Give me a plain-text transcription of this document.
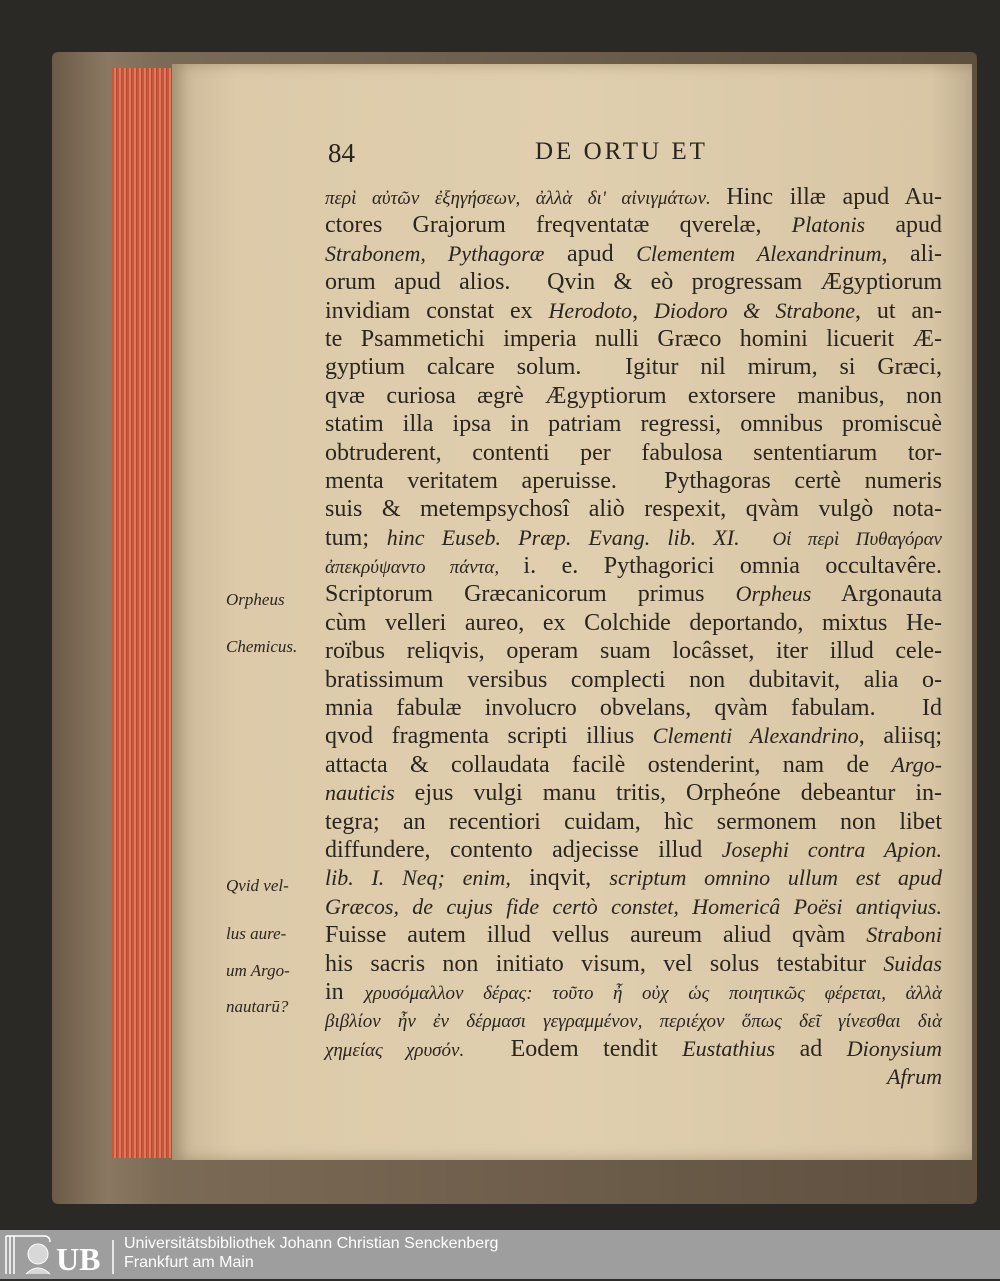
84	DE ORTU ET
περὶ αὐτῶν ἐξηγήσεων, ἀλλὰ δι' αἰνιγμάτων. Hinc illæ apud Au-
ctores Grajorum freqventatæ qverelæ, Platonis apud
Strabonem, Pythagoræ apud Clementem Alexandrinum, ali-
orum apud alios.  Qvin & eò progressam Ægyptiorum
invidiam constat ex Herodoto, Diodoro & Strabone, ut an-
te Psammetichi imperia nulli Græco homini licuerit Æ-
gyptium calcare solum.  Igitur nil mirum, si Græci,
qvæ curiosa ægrè Ægyptiorum extorsere manibus, non
statim illa ipsa in patriam regressi, omnibus promiscuè
obtruderent, contenti per fabulosa sententiarum tor-
menta veritatem aperuisse.  Pythagoras certè numeris
suis & metempsychosî aliò respexit, qvàm vulgò nota-
tum; hinc Euseb. Præp. Evang. lib. XI.  Οἱ περὶ Πυθαγόραν
ἀπεκρύψαντο πάντα, i. e. Pythagorici omnia occultavêre.
Scriptorum Græcanicorum primus Orpheus Argonauta
cùm velleri aureo, ex Colchide deportando, mixtus He-
roïbus reliqvis, operam suam locâsset, iter illud cele-
bratissimum versibus complecti non dubitavit, alia o-
mnia fabulæ involucro obvelans, qvàm fabulam.  Id
qvod fragmenta scripti illius Clementi Alexandrino, aliisq;
attacta & collaudata facilè ostenderint, nam de Argo-
nauticis ejus vulgi manu tritis, Orpheóne debeantur in-
tegra; an recentiori cuidam, hìc sermonem non libet
diffundere, contento adjecisse illud Josephi contra Apion.
lib. I. Neq; enim, inqvit, scriptum omnino ullum est apud
Græcos, de cujus fide certò constet, Homericâ Poësi antiqvius.
Fuisse autem illud vellus aureum aliud qvàm Straboni
his sacris non initiato visum, vel solus testabitur Suidas
in χρυσόμαλλον δέρας: τοῦτο ἦ οὐχ ὡς ποιητικῶς φέρεται, ἀλλὰ
βιβλίον ἦν ἐν δέρμασι γεγραμμένον, περιέχον ὅπως δεῖ γίνεσθαι διὰ
χημείας χρυσόν.  Eodem tendit Eustathius ad Dionysium
Afrum
Orpheus
Chemicus.
Qvid vel-
lus aure-
um Argo-
nautarū?
UB Universitätsbibliothek Johann Christian Senckenberg
Frankfurt am Main
